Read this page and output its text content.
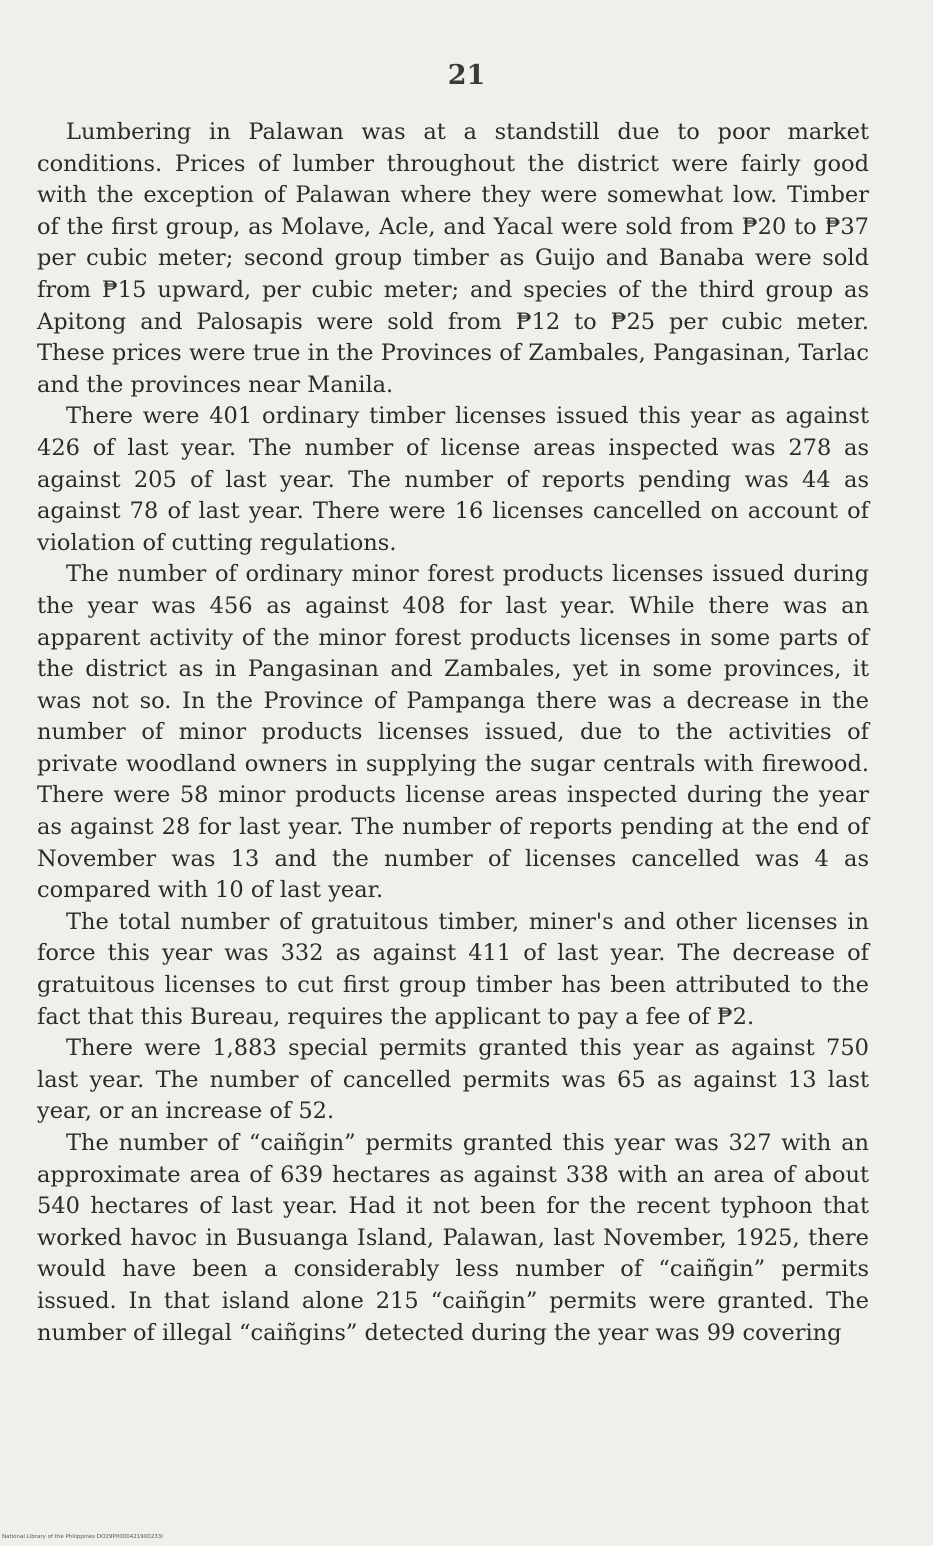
21

Lumbering in Palawan was at a standstill due to poor market conditions. Prices of lumber throughout the district were fairly good with the exception of Palawan where they were somewhat low. Timber of the first group, as Molave, Acle, and Yacal were sold from ₱20 to ₱37 per cubic meter; second group timber as Guijo and Banaba were sold from ₱15 upward, per cubic meter; and species of the third group as Apitong and Palosapis were sold from ₱12 to ₱25 per cubic meter. These prices were true in the Provinces of Zambales, Pangasinan, Tarlac and the provinces near Manila.

There were 401 ordinary timber licenses issued this year as against 426 of last year. The number of license areas inspected was 278 as against 205 of last year. The number of reports pending was 44 as against 78 of last year. There were 16 licenses cancelled on account of violation of cutting regulations.

The number of ordinary minor forest products licenses issued during the year was 456 as against 408 for last year. While there was an apparent activity of the minor forest products licenses in some parts of the district as in Pangasinan and Zambales, yet in some provinces, it was not so. In the Province of Pampanga there was a decrease in the number of minor products licenses issued, due to the activities of private woodland owners in supplying the sugar centrals with firewood. There were 58 minor products license areas inspected during the year as against 28 for last year. The number of reports pending at the end of November was 13 and the number of licenses cancelled was 4 as compared with 10 of last year.

The total number of gratuitous timber, miner's and other licenses in force this year was 332 as against 411 of last year. The decrease of gratuitous licenses to cut first group timber has been attributed to the fact that this Bureau, requires the applicant to pay a fee of ₱2.

There were 1,883 special permits granted this year as against 750 last year. The number of cancelled permits was 65 as against 13 last year, or an increase of 52.

The number of “caiñgin” permits granted this year was 327 with an approximate area of 639 hectares as against 338 with an area of about 540 hectares of last year. Had it not been for the recent typhoon that worked havoc in Busuanga Island, Palawan, last November, 1925, there would have been a considerably less number of “caiñgin” permits issued. In that island alone 215 “caiñgin” permits were granted. The number of illegal “caiñgins” detected during the year was 99 covering

National Library of the Philippines DO29P0000421900233I
